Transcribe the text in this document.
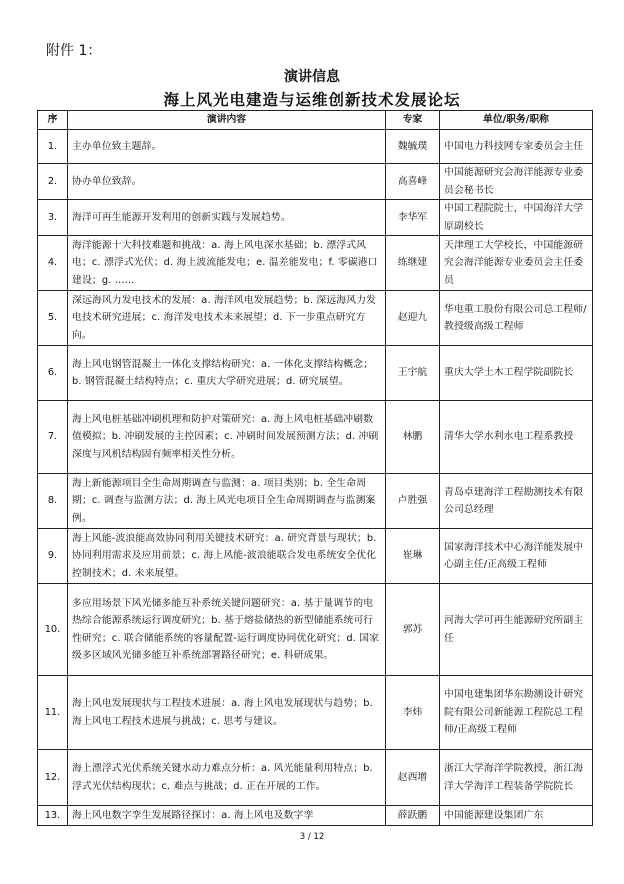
附件 1：
演讲信息
海上风光电建造与运维创新技术发展论坛
序	演讲内容	专家	单位/职务/职称
1.	主办单位致主题辞。	魏毓璞	中国电力科技网专家委员会主任
2.	协办单位致辞。	高喜峰	中国能源研究会海洋能源专业委员会秘书长
3.	海洋可再生能源开发利用的创新实践与发展趋势。	李华军	中国工程院院士，中国海洋大学原副校长
4.	海洋能源十大科技难题和挑战：a. 海上风电深水基础；b. 漂浮式风电；c. 漂浮式光伏；d. 海上波流能发电；e. 温差能发电；f. 零碳港口建设；g. ……	练继建	天津理工大学校长，中国能源研究会海洋能源专业委员会主任委员
5.	深远海风力发电技术的发展：a. 海洋风电发展趋势；b. 深远海风力发电技术研究进展；c. 海洋发电技术未来展望；d. 下一步重点研究方向。	赵迎九	华电重工股份有限公司总工程师/教授级高级工程师
6.	海上风电钢管混凝土一体化支撑结构研究：a. 一体化支撑结构概念；b. 钢管混凝土结构特点；c. 重庆大学研究进展；d. 研究展望。	王宇航	重庆大学土木工程学院副院长
7.	海上风电桩基础冲刷机理和防护对策研究：a. 海上风电桩基础冲刷数值模拟；b. 冲刷发展的主控因素；c. 冲刷时间发展预测方法；d. 冲刷深度与风机结构固有频率相关性分析。	林鹏	清华大学水利水电工程系教授
8.	海上新能源项目全生命周期调查与监测：a. 项目类别；b. 全生命周期；c. 调查与监测方法；d. 海上风光电项目全生命周期调查与监测案例。	卢胜强	青岛卓建海洋工程勘测技术有限公司总经理
9.	海上风能-波浪能高效协同利用关键技术研究：a. 研究背景与现状；b. 协同利用需求及应用前景；c. 海上风能-波浪能联合发电系统安全优化控制技术；d. 未来展望。	崔琳	国家海洋技术中心海洋能发展中心副主任/正高级工程师
10.	多应用场景下风光储多能互补系统关键问题研究：a. 基于量调节的电热综合能源系统运行调度研究；b. 基于熔盐储热的新型储能系统可行性研究；c. 联合储能系统的容量配置-运行调度协同优化研究；d. 国家级多区域风光储多能互补系统部署路径研究；e. 科研成果。	郭苏	河海大学可再生能源研究所副主任
11.	海上风电发展现状与工程技术进展：a. 海上风电发展现状与趋势；b. 海上风电工程技术进展与挑战；c. 思考与建议。	李炜	中国电建集团华东勘测设计研究院有限公司新能源工程院总工程师/正高级工程师
12.	海上漂浮式光伏系统关键水动力难点分析：a. 风光能量利用特点；b. 浮式光伏结构现状；c. 难点与挑战；d. 正在开展的工作。	赵西增	浙江大学海洋学院教授，浙江海洋大学海洋工程装备学院院长
13.	海上风电数字孪生发展路径探讨：a. 海上风电及数字孪	薛跃鹏	中国能源建设集团广东
3 / 12
